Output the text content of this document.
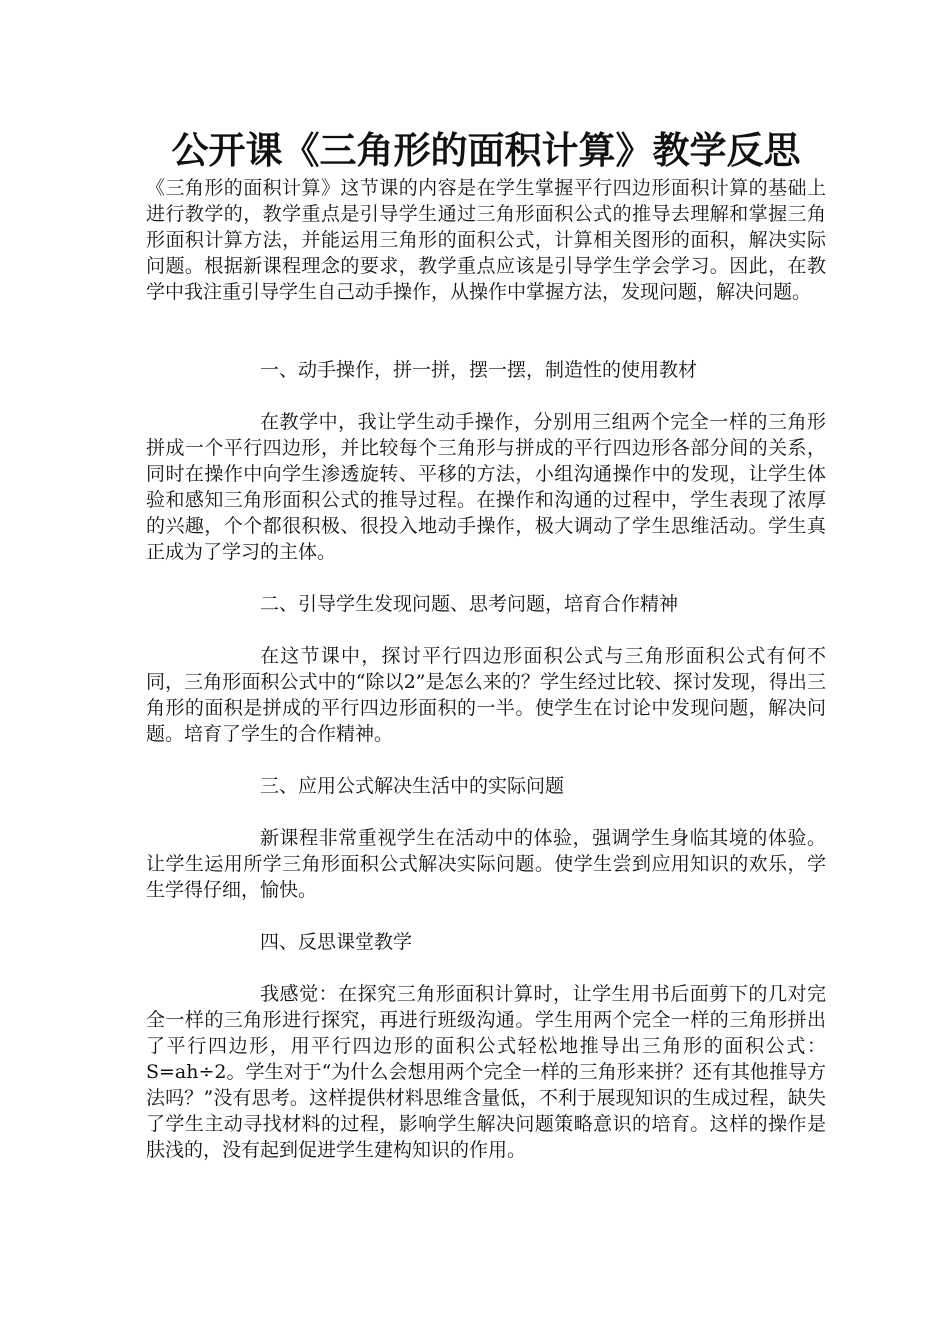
公开课《三角形的面积计算》教学反思

《三角形的面积计算》这节课的内容是在学生掌握平行四边形面积计算的基础上进行教学的，教学重点是引导学生通过三角形面积公式的推导去理解和掌握三角形面积计算方法，并能运用三角形的面积公式，计算相关图形的面积，解决实际问题。根据新课程理念的要求，教学重点应该是引导学生学会学习。因此，在教学中我注重引导学生自己动手操作，从操作中掌握方法，发现问题，解决问题。

一、动手操作，拼一拼，摆一摆，制造性的使用教材

在教学中，我让学生动手操作，分别用三组两个完全一样的三角形拼成一个平行四边形，并比较每个三角形与拼成的平行四边形各部分间的关系，同时在操作中向学生渗透旋转、平移的方法，小组沟通操作中的发现，让学生体验和感知三角形面积公式的推导过程。在操作和沟通的过程中，学生表现了浓厚的兴趣，个个都很积极、很投入地动手操作，极大调动了学生思维活动。学生真正成为了学习的主体。

二、引导学生发现问题、思考问题，培育合作精神

在这节课中，探讨平行四边形面积公式与三角形面积公式有何不同，三角形面积公式中的“除以2”是怎么来的？学生经过比较、探讨发现，得出三角形的面积是拼成的平行四边形面积的一半。使学生在讨论中发现问题，解决问题。培育了学生的合作精神。

三、应用公式解决生活中的实际问题

新课程非常重视学生在活动中的体验，强调学生身临其境的体验。让学生运用所学三角形面积公式解决实际问题。使学生尝到应用知识的欢乐，学生学得仔细，愉快。

四、反思课堂教学

我感觉：在探究三角形面积计算时，让学生用书后面剪下的几对完全一样的三角形进行探究，再进行班级沟通。学生用两个完全一样的三角形拼出了平行四边形，用平行四边形的面积公式轻松地推导出三角形的面积公式：S=ah÷2。学生对于“为什么会想用两个完全一样的三角形来拼？还有其他推导方法吗？”没有思考。这样提供材料思维含量低，不利于展现知识的生成过程，缺失了学生主动寻找材料的过程，影响学生解决问题策略意识的培育。这样的操作是肤浅的，没有起到促进学生建构知识的作用。
